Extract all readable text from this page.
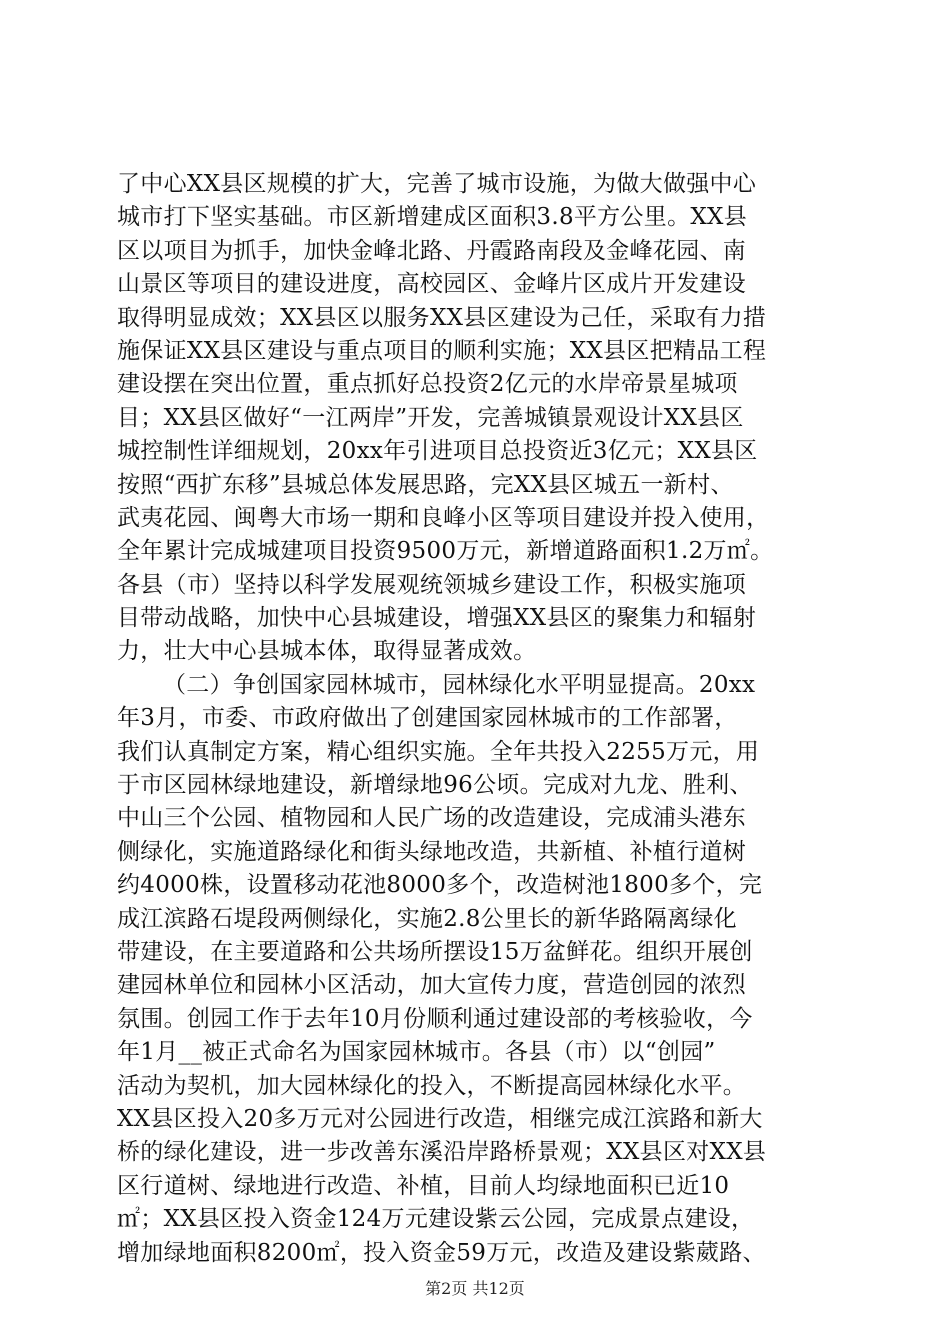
了中心XX县区规模的扩大，完善了城市设施，为做大做强中心
城市打下坚实基础。市区新增建成区面积3.8平方公里。XX县
区以项目为抓手，加快金峰北路、丹霞路南段及金峰花园、南
山景区等项目的建设进度，高校园区、金峰片区成片开发建设
取得明显成效；XX县区以服务XX县区建设为己任，采取有力措
施保证XX县区建设与重点项目的顺利实施；XX县区把精品工程
建设摆在突出位置，重点抓好总投资2亿元的水岸帝景星城项
目；XX县区做好“一江两岸”开发，完善城镇景观设计XX县区
城控制性详细规划，20xx年引进项目总投资近3亿元；XX县区
按照“西扩东移”县城总体发展思路，完XX县区城五一新村、
武夷花园、闽粤大市场一期和良峰小区等项目建设并投入使用，
全年累计完成城建项目投资9500万元，新增道路面积1.2万㎡。
各县（市）坚持以科学发展观统领城乡建设工作，积极实施项
目带动战略，加快中心县城建设，增强XX县区的聚集力和辐射
力，壮大中心县城本体，取得显著成效。
（二）争创国家园林城市，园林绿化水平明显提高。20xx
年3月，市委、市政府做出了创建国家园林城市的工作部署，
我们认真制定方案，精心组织实施。全年共投入2255万元，用
于市区园林绿地建设，新增绿地96公顷。完成对九龙、胜利、
中山三个公园、植物园和人民广场的改造建设，完成浦头港东
侧绿化，实施道路绿化和街头绿地改造，共新植、补植行道树
约4000株，设置移动花池8000多个，改造树池1800多个，完
成江滨路石堤段两侧绿化，实施2.8公里长的新华路隔离绿化
带建设，在主要道路和公共场所摆设15万盆鲜花。组织开展创
建园林单位和园林小区活动，加大宣传力度，营造创园的浓烈
氛围。创园工作于去年10月份顺利通过建设部的考核验收，今
年1月__被正式命名为国家园林城市。各县（市）以“创园”
活动为契机，加大园林绿化的投入，不断提高园林绿化水平。
XX县区投入20多万元对公园进行改造，相继完成江滨路和新大
桥的绿化建设，进一步改善东溪沿岸路桥景观；XX县区对XX县
区行道树、绿地进行改造、补植，目前人均绿地面积已近10
㎡；XX县区投入资金124万元建设紫云公园，完成景点建设，
增加绿地面积8200㎡，投入资金59万元，改造及建设紫葳路、
第2页 共12页
